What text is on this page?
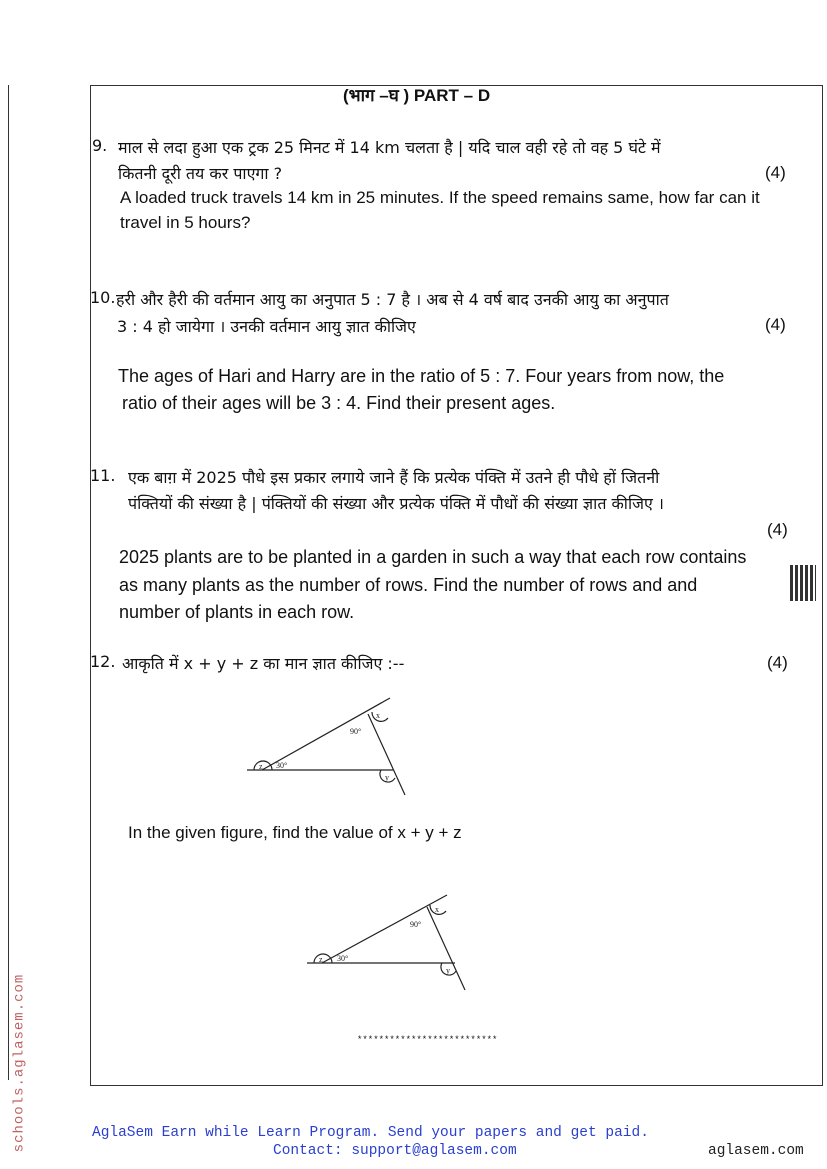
(भाग –घ ) PART – D
9. माल से लदा हुआ एक ट्रक 25 मिनट में 14 km चलता है | यदि चाल वही रहे तो वह 5 घंटे में
कितनी दूरी तय कर पाएगा ?	(4)
A loaded truck travels 14 km in 25 minutes. If the speed remains same, how far can it
travel in 5 hours?
10. हरी और हैरी की वर्तमान आयु का अनुपात 5 : 7 है । अब से 4 वर्ष बाद उनकी आयु का अनुपात
3 : 4 हो जायेगा । उनकी वर्तमान आयु ज्ञात कीजिए	(4)
The ages of Hari and Harry are in the ratio of 5 : 7. Four years from now, the
ratio of their ages will be 3 : 4. Find their present ages.
11. एक बाग़ में 2025 पौधे इस प्रकार लगाये जाने हैं कि प्रत्येक पंक्ति में उतने ही पौधे हों जितनी
पंक्तियों की संख्या है | पंक्तियों की संख्या और प्रत्येक पंक्ति में पौधों की संख्या ज्ञात कीजिए ।
(4)
2025 plants are to be planted in a garden in such a way that each row contains
as many plants as the number of rows. Find the number of rows and and
number of plants in each row.
12. आकृति में x + y + z का मान ज्ञात कीजिए :--	(4)
30°
90°
x
y
z
In the given figure, find the value of x + y + z
30°
90°
x
y
z
**************************
AglaSem Earn while Learn Program. Send your papers and get paid.
Contact: support@aglasem.com	aglasem.com
schools.aglasem.com
